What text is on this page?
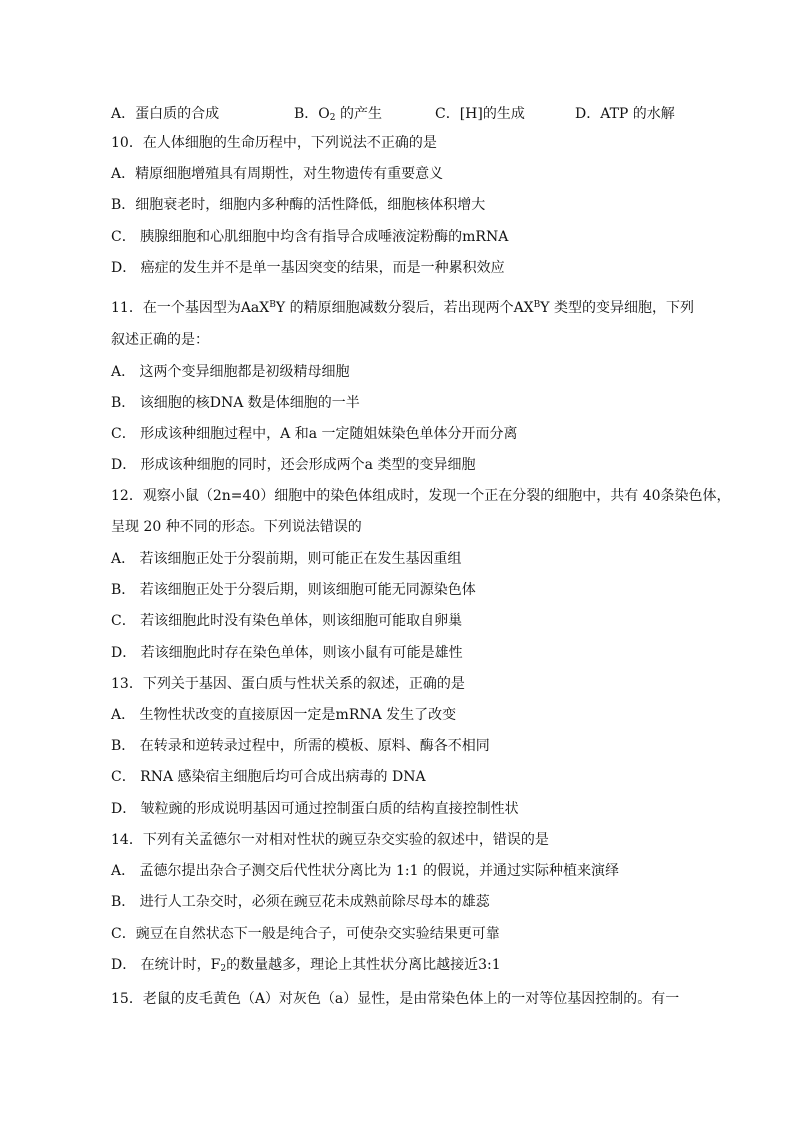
A．蛋白质的合成	B．$O_2$ 的产生	C．[H]的生成	D．ATP 的水解
10．在人体细胞的生命历程中，下列说法不正确的是
A．精原细胞增殖具有周期性，对生物遗传有重要意义
B．细胞衰老时，细胞内多种酶的活性降低，细胞核体积增大
C． 胰腺细胞和心肌细胞中均含有指导合成唾液淀粉酶的mRNA
D． 癌症的发生并不是单一基因突变的结果，而是一种累积效应
11．在一个基因型为AaX$^B$Y 的精原细胞减数分裂后，若出现两个$AX^BY$ 类型的变异细胞，下列
叙述正确的是：
A． 这两个变异细胞都是初级精母细胞
B． 该细胞的核DNA 数是体细胞的一半
C． 形成该种细胞过程中，A 和a 一定随姐妹染色单体分开而分离
D． 形成该种细胞的同时，还会形成两个a 类型的变异细胞
12．观察小鼠（2n=40）细胞中的染色体组成时，发现一个正在分裂的细胞中，共有 40条染色体，
呈现 20 种不同的形态。下列说法错误的
A． 若该细胞正处于分裂前期，则可能正在发生基因重组
B． 若该细胞正处于分裂后期，则该细胞可能无同源染色体
C． 若该细胞此时没有染色单体，则该细胞可能取自卵巢
D． 若该细胞此时存在染色单体，则该小鼠有可能是雄性
13．下列关于基因、蛋白质与性状关系的叙述，正确的是
A． 生物性状改变的直接原因一定是mRNA 发生了改变
B． 在转录和逆转录过程中，所需的模板、原料、酶各不相同
C． RNA 感染宿主细胞后均可合成出病毒的 DNA
D． 皱粒豌的形成说明基因可通过控制蛋白质的结构直接控制性状
14．下列有关孟德尔一对相对性状的豌豆杂交实验的叙述中，错误的是
A． 孟德尔提出杂合子测交后代性状分离比为 1:1 的假说，并通过实际种植来演绎
B． 进行人工杂交时，必须在豌豆花未成熟前除尽母本的雄蕊
C．豌豆在自然状态下一般是纯合子，可使杂交实验结果更可靠
D． 在统计时，$F_2$的数量越多，理论上其性状分离比越接近3:1
15．老鼠的皮毛黄色（A）对灰色（a）显性，是由常染色体上的一对等位基因控制的。有一
